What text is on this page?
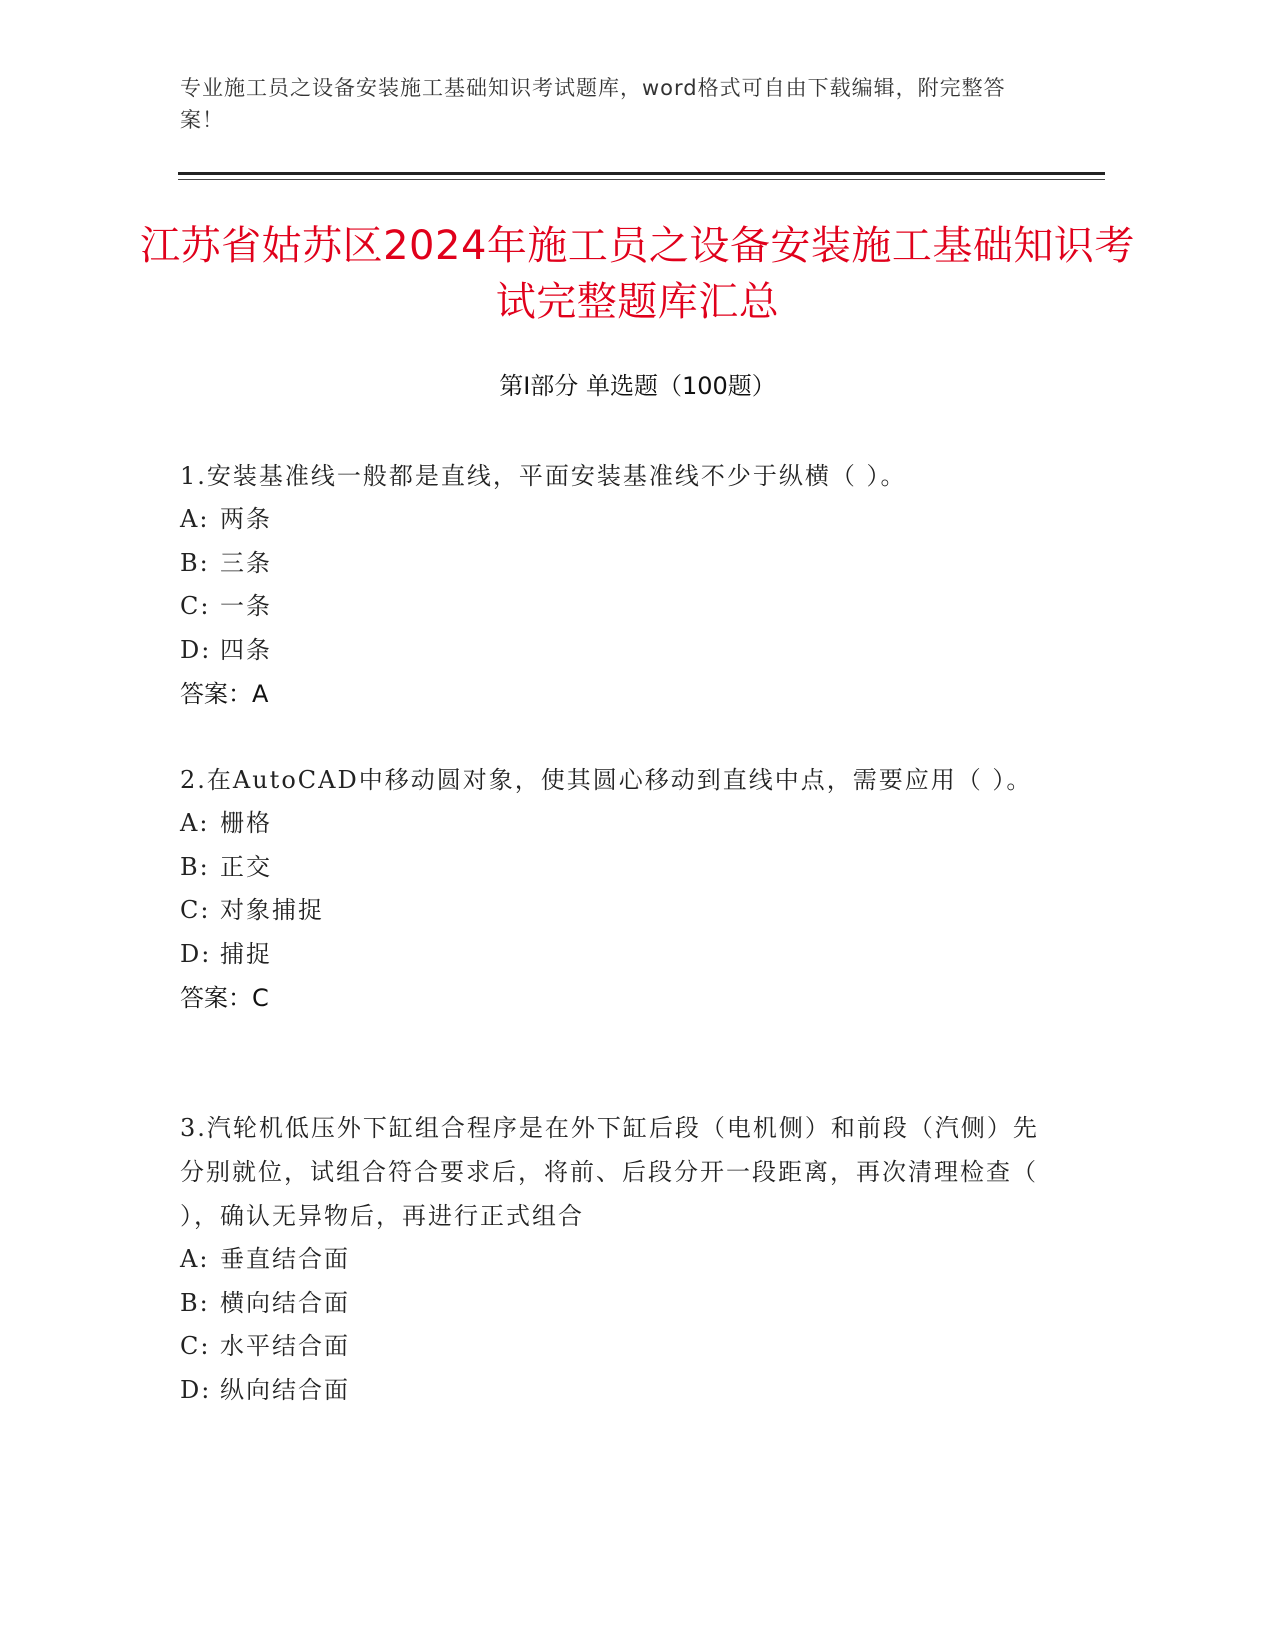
专业施工员之设备安装施工基础知识考试题库，word格式可自由下载编辑，附完整答案！
江苏省姑苏区2024年施工员之设备安装施工基础知识考试完整题库汇总
第Ⅰ部分 单选题（100题）
1.安装基准线一般都是直线，平面安装基准线不少于纵横（ ）。
A: 两条
B: 三条
C: 一条
D: 四条
答案：A
2.在AutoCAD中移动圆对象，使其圆心移动到直线中点，需要应用（ ）。
A: 栅格
B: 正交
C: 对象捕捉
D: 捕捉
答案：C
3.汽轮机低压外下缸组合程序是在外下缸后段（电机侧）和前段（汽侧）先分别就位，试组合符合要求后，将前、后段分开一段距离，再次清理检查（ ），确认无异物后，再进行正式组合
A: 垂直结合面
B: 横向结合面
C: 水平结合面
D: 纵向结合面
